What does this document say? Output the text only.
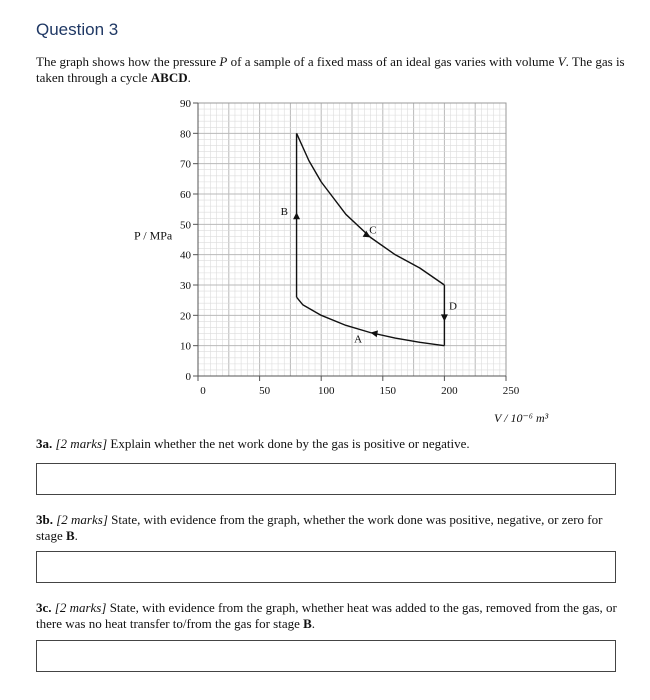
Question 3
The graph shows how the pressure P of a sample of a fixed mass of an ideal gas varies with volume V. The gas is taken through a cycle ABCD.
0
10
20
30
40
50
60
70
80
90
0	50	100	150	200	250
A
B
C
D
P / MPa
V / 10⁻⁶ m³
3a. [2 marks] Explain whether the net work done by the gas is positive or negative.
3b. [2 marks] State, with evidence from the graph, whether the work done was positive, negative, or zero for stage B.
3c. [2 marks] State, with evidence from the graph, whether heat was added to the gas, removed from the gas, or there was no heat transfer to/from the gas for stage B.
